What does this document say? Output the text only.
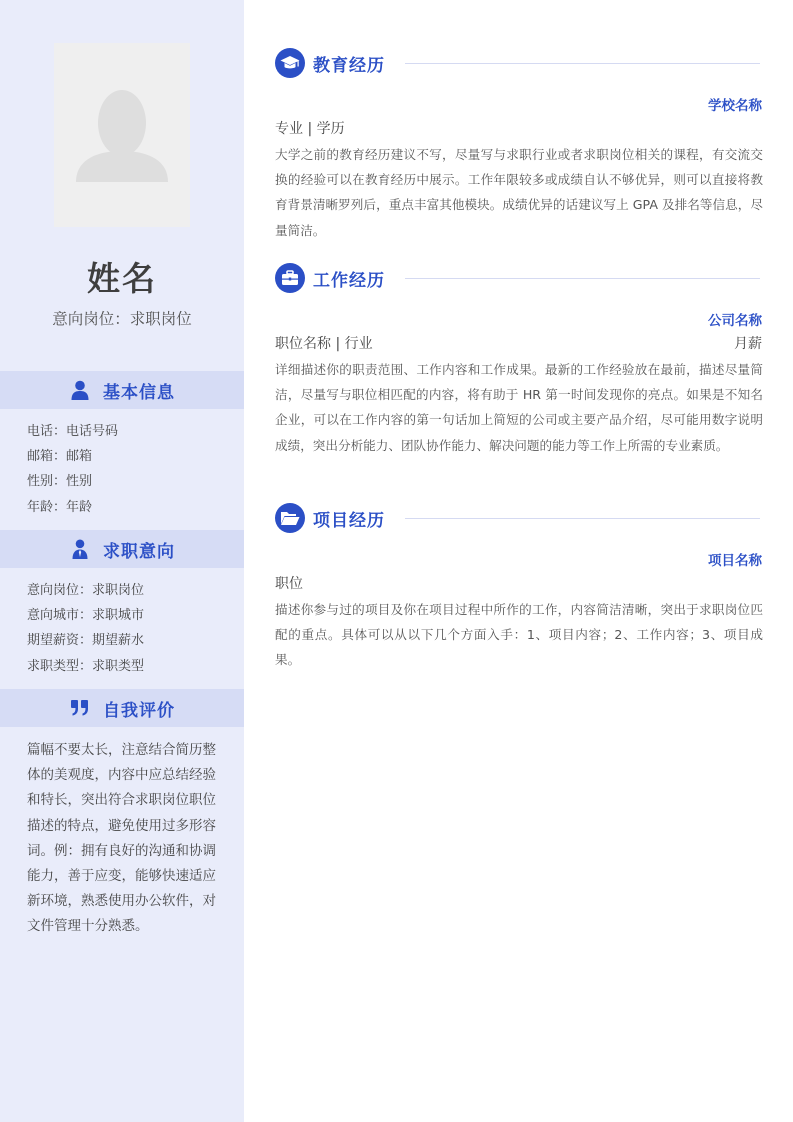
姓名
意向岗位：求职岗位
基本信息
电话：电话号码
邮箱：邮箱
性别：性别
年龄：年龄
求职意向
意向岗位：求职岗位
意向城市：求职城市
期望薪资：期望薪水
求职类型：求职类型
自我评价
篇幅不要太长，注意结合简历整体的美观度，内容中应总结经验和特长，突出符合求职岗位职位描述的特点，避免使用过多形容词。例：拥有良好的沟通和协调能力，善于应变，能够快速适应新环境，熟悉使用办公软件，对文件管理十分熟悉。
教育经历
学校名称
专业 | 学历
大学之前的教育经历建议不写，尽量写与求职行业或者求职岗位相关的课程，有交流交换的经验可以在教育经历中展示。工作年限较多或成绩自认不够优异，则可以直接将教育背景清晰罗列后，重点丰富其他模块。成绩优异的话建议写上 GPA 及排名等信息，尽量简洁。
工作经历
公司名称
职位名称 | 行业	月薪
详细描述你的职责范围、工作内容和工作成果。最新的工作经验放在最前，描述尽量简洁，尽量写与职位相匹配的内容，将有助于 HR 第一时间发现你的亮点。如果是不知名企业，可以在工作内容的第一句话加上简短的公司或主要产品介绍，尽可能用数字说明成绩，突出分析能力、团队协作能力、解决问题的能力等工作上所需的专业素质。
项目经历
项目名称
职位
描述你参与过的项目及你在项目过程中所作的工作，内容简洁清晰，突出于求职岗位匹配的重点。具体可以从以下几个方面入手：1、项目内容；2、工作内容；3、项目成果。
